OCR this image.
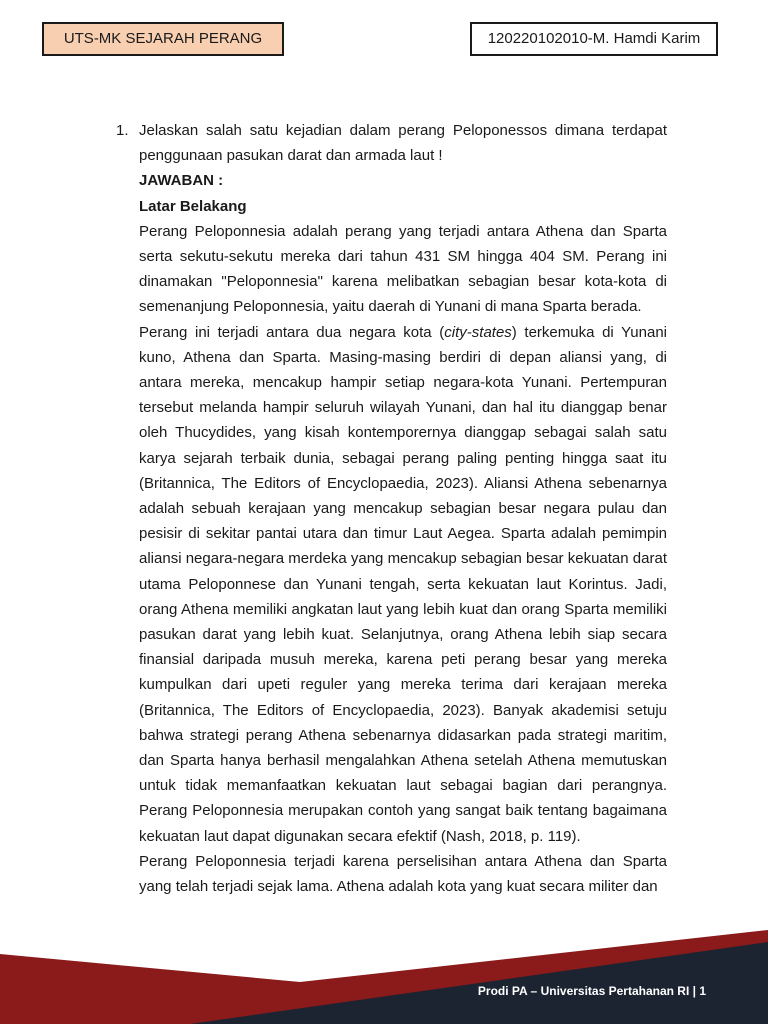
UTS-MK SEJARAH PERANG	120220102010-M. Hamdi Karim
1. Jelaskan salah satu kejadian dalam perang Peloponessos dimana terdapat penggunaan pasukan darat dan armada laut !

JAWABAN :

Latar Belakang

Perang Peloponnesia adalah perang yang terjadi antara Athena dan Sparta serta sekutu-sekutu mereka dari tahun 431 SM hingga 404 SM. Perang ini dinamakan "Peloponnesia" karena melibatkan sebagian besar kota-kota di semenanjung Peloponnesia, yaitu daerah di Yunani di mana Sparta berada.

Perang ini terjadi antara dua negara kota (city-states) terkemuka di Yunani kuno, Athena dan Sparta. Masing-masing berdiri di depan aliansi yang, di antara mereka, mencakup hampir setiap negara-kota Yunani. Pertempuran tersebut melanda hampir seluruh wilayah Yunani, dan hal itu dianggap benar oleh Thucydides, yang kisah kontemporernya dianggap sebagai salah satu karya sejarah terbaik dunia, sebagai perang paling penting hingga saat itu (Britannica, The Editors of Encyclopaedia, 2023). Aliansi Athena sebenarnya adalah sebuah kerajaan yang mencakup sebagian besar negara pulau dan pesisir di sekitar pantai utara dan timur Laut Aegea. Sparta adalah pemimpin aliansi negara-negara merdeka yang mencakup sebagian besar kekuatan darat utama Peloponnese dan Yunani tengah, serta kekuatan laut Korintus. Jadi, orang Athena memiliki angkatan laut yang lebih kuat dan orang Sparta memiliki pasukan darat yang lebih kuat. Selanjutnya, orang Athena lebih siap secara finansial daripada musuh mereka, karena peti perang besar yang mereka kumpulkan dari upeti reguler yang mereka terima dari kerajaan mereka (Britannica, The Editors of Encyclopaedia, 2023). Banyak akademisi setuju bahwa strategi perang Athena sebenarnya didasarkan pada strategi maritim, dan Sparta hanya berhasil mengalahkan Athena setelah Athena memutuskan untuk tidak memanfaatkan kekuatan laut sebagai bagian dari perangnya. Perang Peloponnesia merupakan contoh yang sangat baik tentang bagaimana kekuatan laut dapat digunakan secara efektif (Nash, 2018, p. 119).

Perang Peloponnesia terjadi karena perselisihan antara Athena dan Sparta yang telah terjadi sejak lama. Athena adalah kota yang kuat secara militer dan

Prodi PA – Universitas Pertahanan RI | 1
